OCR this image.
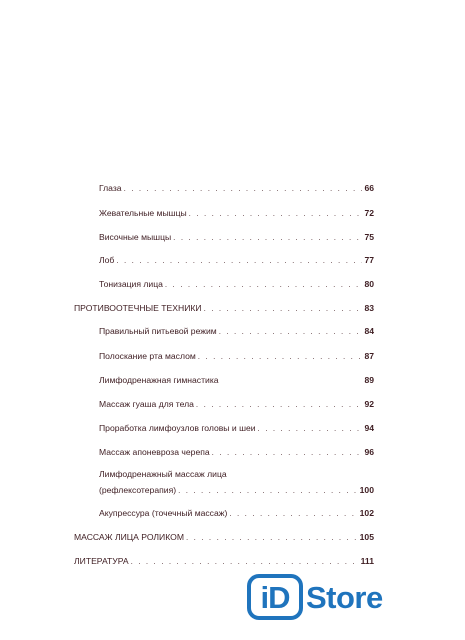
Глаза . . .	66
Жевательные мышцы . . .	72
Височные мышцы . . .	75
Лоб . . .	77
Тонизация лица . . .	80
ПРОТИВООТЕЧНЫЕ ТЕХНИКИ . . .	83
Правильный питьевой режим . . .	84
Полоскание рта маслом . . .	87
Лимфодренажная гимнастика	89
Массаж гуаша для тела . . .	92
Проработка лимфоузлов головы и шеи . . .	94
Массаж апоневроза черепа . . .	96
Лимфодренажный массаж лица
(рефлексотерапия) . . .	100
Акупрессура (точечный массаж) . . .	102
МАССАЖ ЛИЦА РОЛИКОМ . . .	105
ЛИТЕРАТУРА . . .	111
iD Store
